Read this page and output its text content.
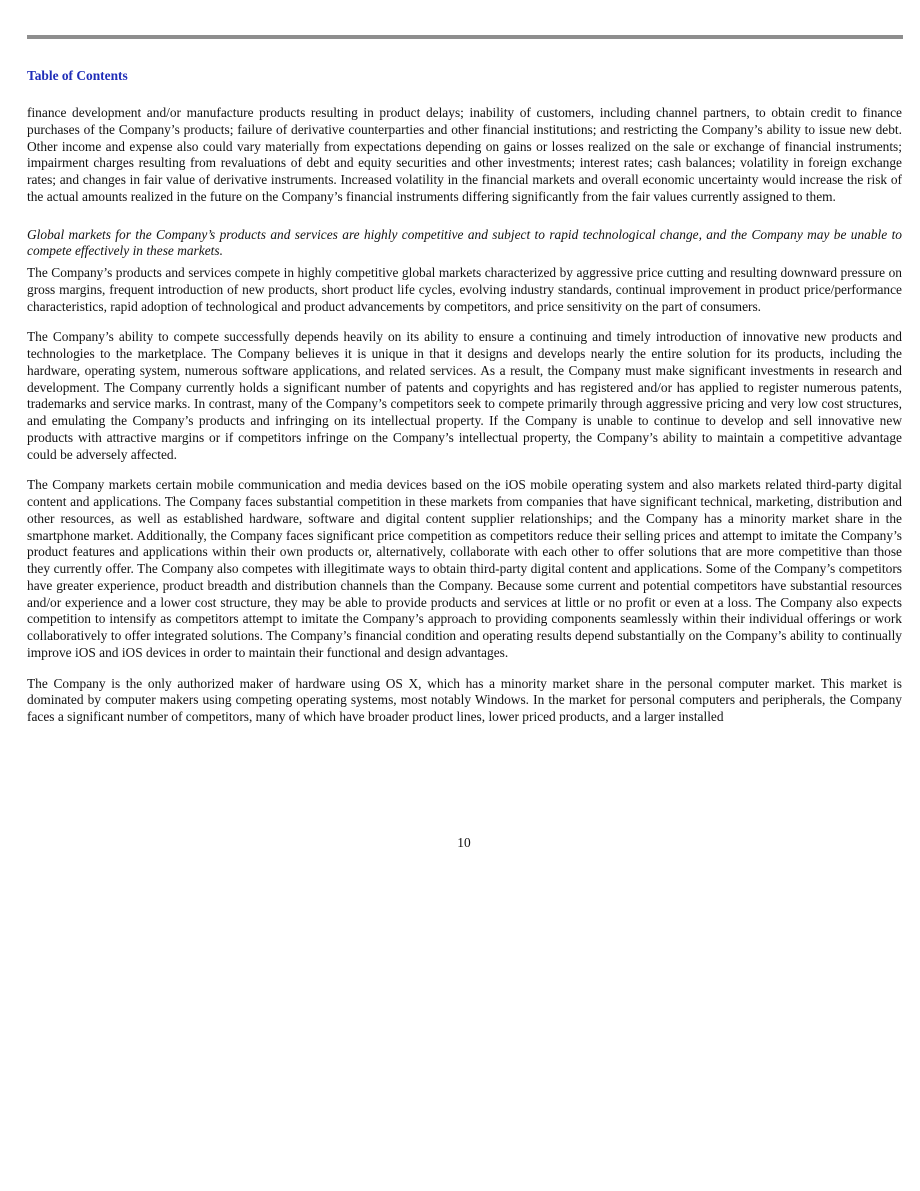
Table of Contents

finance development and/or manufacture products resulting in product delays; inability of customers, including channel partners, to obtain credit to finance purchases of the Company’s products; failure of derivative counterparties and other financial institutions; and restricting the Company’s ability to issue new debt. Other income and expense also could vary materially from expectations depending on gains or losses realized on the sale or exchange of financial instruments; impairment charges resulting from revaluations of debt and equity securities and other investments; interest rates; cash balances; volatility in foreign exchange rates; and changes in fair value of derivative instruments. Increased volatility in the financial markets and overall economic uncertainty would increase the risk of the actual amounts realized in the future on the Company’s financial instruments differing significantly from the fair values currently assigned to them.

Global markets for the Company’s products and services are highly competitive and subject to rapid technological change, and the Company may be unable to compete effectively in these markets.

The Company’s products and services compete in highly competitive global markets characterized by aggressive price cutting and resulting downward pressure on gross margins, frequent introduction of new products, short product life cycles, evolving industry standards, continual improvement in product price/performance characteristics, rapid adoption of technological and product advancements by competitors, and price sensitivity on the part of consumers.

The Company’s ability to compete successfully depends heavily on its ability to ensure a continuing and timely introduction of innovative new products and technologies to the marketplace. The Company believes it is unique in that it designs and develops nearly the entire solution for its products, including the hardware, operating system, numerous software applications, and related services. As a result, the Company must make significant investments in research and development. The Company currently holds a significant number of patents and copyrights and has registered and/or has applied to register numerous patents, trademarks and service marks. In contrast, many of the Company’s competitors seek to compete primarily through aggressive pricing and very low cost structures, and emulating the Company’s products and infringing on its intellectual property. If the Company is unable to continue to develop and sell innovative new products with attractive margins or if competitors infringe on the Company’s intellectual property, the Company’s ability to maintain a competitive advantage could be adversely affected.

The Company markets certain mobile communication and media devices based on the iOS mobile operating system and also markets related third-party digital content and applications. The Company faces substantial competition in these markets from companies that have significant technical, marketing, distribution and other resources, as well as established hardware, software and digital content supplier relationships; and the Company has a minority market share in the smartphone market. Additionally, the Company faces significant price competition as competitors reduce their selling prices and attempt to imitate the Company’s product features and applications within their own products or, alternatively, collaborate with each other to offer solutions that are more competitive than those they currently offer. The Company also competes with illegitimate ways to obtain third-party digital content and applications. Some of the Company’s competitors have greater experience, product breadth and distribution channels than the Company. Because some current and potential competitors have substantial resources and/or experience and a lower cost structure, they may be able to provide products and services at little or no profit or even at a loss. The Company also expects competition to intensify as competitors attempt to imitate the Company’s approach to providing components seamlessly within their individual offerings or work collaboratively to offer integrated solutions. The Company’s financial condition and operating results depend substantially on the Company’s ability to continually improve iOS and iOS devices in order to maintain their functional and design advantages.

The Company is the only authorized maker of hardware using OS X, which has a minority market share in the personal computer market. This market is dominated by computer makers using competing operating systems, most notably Windows. In the market for personal computers and peripherals, the Company faces a significant number of competitors, many of which have broader product lines, lower priced products, and a larger installed

10
